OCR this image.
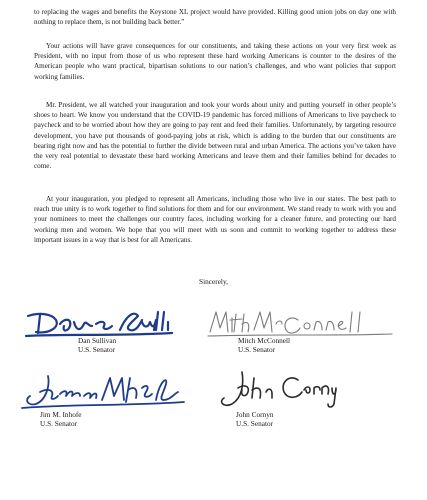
to replacing the wages and benefits the Keystone XL project would have provided. Killing good union jobs on day one with nothing to replace them, is not building back better.”

Your actions will have grave consequences for our constituents, and taking these actions on your very first week as President, with no input from those of us who represent these hard working Americans is counter to the desires of the American people who want practical, bipartisan solutions to our nation’s challenges, and who want policies that support working families.

Mr. President, we all watched your inauguration and took your words about unity and putting yourself in other people’s shoes to heart. We know you understand that the COVID-19 pandemic has forced millions of Americans to live paycheck to paycheck and to be worried about how they are going to pay rent and feed their families. Unfortunately, by targeting resource development, you have put thousands of good-paying jobs at risk, which is adding to the burden that our constituents are bearing right now and has the potential to further the divide between rural and urban America. The actions you’ve taken have the very real potential to devastate these hard working Americans and leave them and their families behind for decades to come.

At your inauguration, you pledged to represent all Americans, including those who live in our states. The best path to reach true unity is to work together to find solutions for them and for our environment. We stand ready to work with you and your nominees to meet the challenges our country faces, including working for a cleaner future, and protecting our hard working men and women. We hope that you will meet with us soon and commit to working together to address these important issues in a way that is best for all Americans.

Sincerely,

Dan Sullivan

U.S. Senator

Mitch McConnell

U.S. Senator

Jim M. Inhofe

U.S. Senator

John Cornyn

U.S. Senator
